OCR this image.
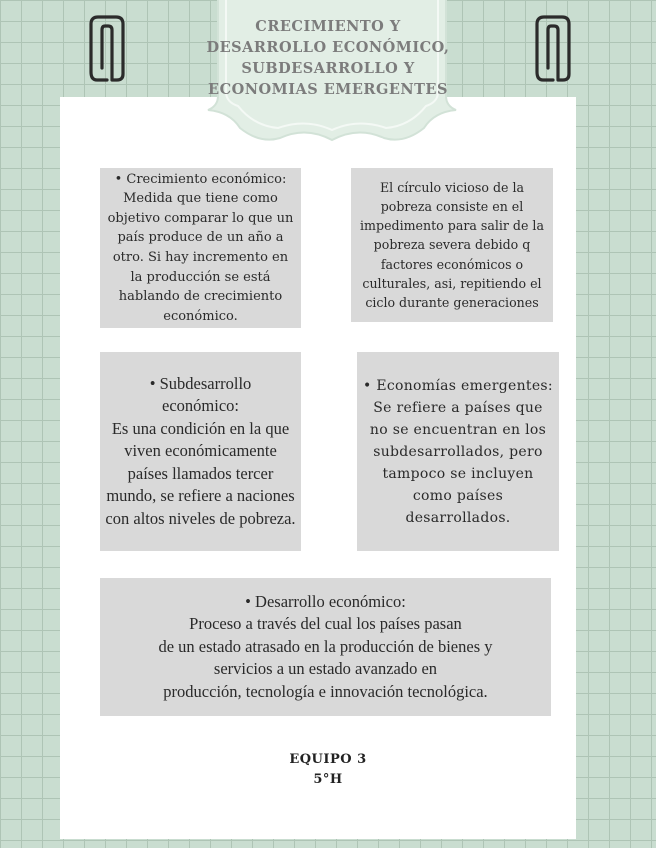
CRECIMIENTO Y
DESARROLLO ECONÓMICO,
SUBDESARROLLO Y
ECONOMIAS EMERGENTES
• Crecimiento económico:
Medida que tiene como objetivo comparar lo que un país produce de un año a otro. Si hay incremento en la producción se está hablando de crecimiento económico.
El círculo vicioso de la pobreza consiste en el impedimento para salir de la pobreza severa debido q factores económicos o culturales, asi, repitiendo el ciclo durante generaciones
• Subdesarrollo
económico:
Es una condición en la que viven económicamente países llamados tercer mundo, se refiere a naciones con altos niveles de pobreza.
• Economías emergentes: Se refiere a países que no se encuentran en los subdesarrollados, pero tampoco se incluyen como países desarrollados.
• Desarrollo económico:
Proceso a través del cual los países pasan
de un estado atrasado en la producción de bienes y
servicios a un estado avanzado en
producción, tecnología e innovación tecnológica.
EQUIPO 3
5°H
